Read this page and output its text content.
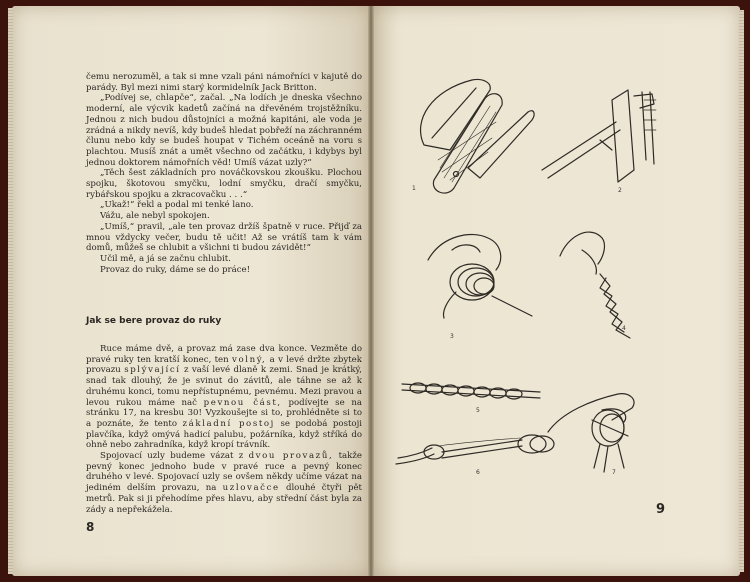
čemu nerozuměl, a tak si mne vzali páni námořníci v kajutě do parády. Byl mezi nimi starý kormidelník Jack Britton.

„Podívej se, chlapče“, začal. „Na lodích je dneska všechno moderní, ale výcvik kadetů začíná na dřevěném trojstěžníku. Jednou z nich budou důstojníci a možná kapitáni, ale voda je zrádná a nikdy nevíš, kdy budeš hledat pobřeží na záchranném člunu nebo kdy se budeš houpat v Tichém oceáně na voru s plachtou. Musíš znát a umět všechno od začátku, i kdybys byl jednou doktorem námořních věd! Umíš vázat uzly?“

„Těch šest základních pro nováčkovskou zkoušku. Plochou spojku, škotovou smyčku, lodní smyčku, dračí smyčku, rybářskou spojku a zkracovačku . . .“

„Ukaž!“ řekl a podal mi tenké lano.

Vážu, ale nebyl spokojen.

„Umíš,“ pravil, „ale ten provaz držíš špatně v ruce. Přijď za mnou vždycky večer, budu tě učit! Až se vrátíš tam k vám domů, můžeš se chlubit a všichni ti budou závidět!“

Učil mě, a já se začnu chlubit.

Provaz do ruky, dáme se do práce!

Jak se bere provaz do ruky

Ruce máme dvě, a provaz má zase dva konce. Vezměte do pravé ruky ten kratší konec, ten volný, a v levé držte zbytek provazu splývající z vaší levé dlaně k zemi. Snad je krátký, snad tak dlouhý, že je svinut do závitů, ale táhne se až k druhému konci, tomu nepřístupnému, pevnému. Mezi pravou a levou rukou máme nač pevnou část, podívejte se na stránku 17, na kresbu 30! Vyzkoušejte si to, prohlédněte si to a poznáte, že tento základní postoj se podobá postoji plavčíka, když omývá hadicí palubu, požárníka, když stříká do ohně nebo zahradníka, když kropí trávník.

Spojovací uzly budeme vázat z dvou provazů, takže pevný konec jednoho bude v pravé ruce a pevný konec druhého v levé. Spojovací uzly se ovšem někdy učíme vázat na jediném delším provazu, na uzlovačce dlouhé čtyři pět metrů. Pak si ji přehodíme přes hlavu, aby střední část byla za zády a nepřekážela.

8
1	2
3
4
5
6	7
9
